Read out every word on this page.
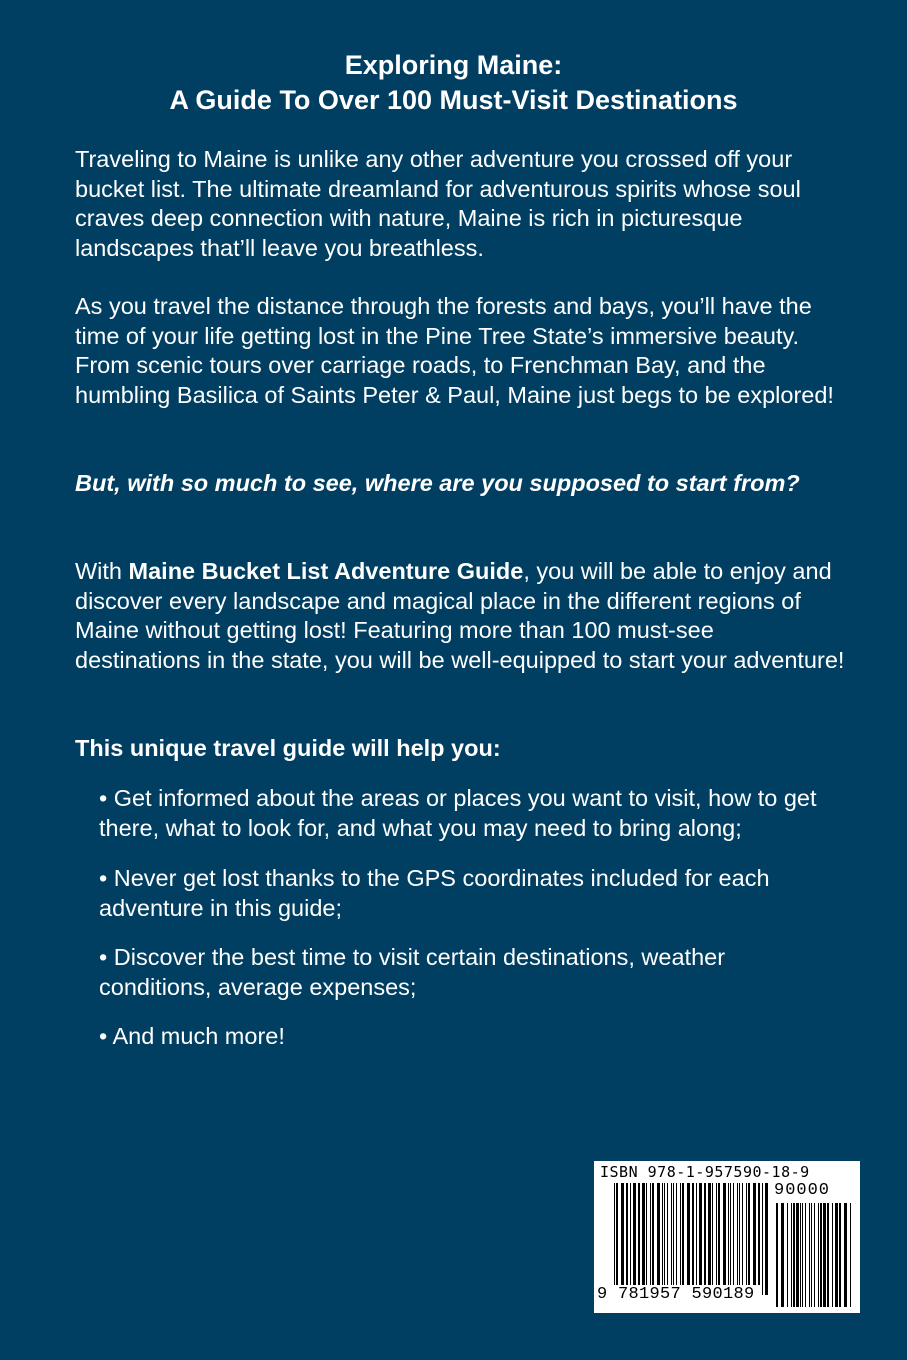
Exploring Maine:
A Guide To Over 100 Must-Visit Destinations
Traveling to Maine is unlike any other adventure you crossed off your bucket list. The ultimate dreamland for adventurous spirits whose soul craves deep connection with nature, Maine is rich in picturesque landscapes that’ll leave you breathless.
As you travel the distance through the forests and bays, you’ll have the time of your life getting lost in the Pine Tree State’s immersive beauty. From scenic tours over carriage roads, to Frenchman Bay, and the humbling Basilica of Saints Peter & Paul, Maine just begs to be explored!
But, with so much to see, where are you supposed to start from?
With Maine Bucket List Adventure Guide, you will be able to enjoy and discover every landscape and magical place in the different regions of Maine without getting lost! Featuring more than 100 must-see destinations in the state, you will be well-equipped to start your adventure!
This unique travel guide will help you:
• Get informed about the areas or places you want to visit, how to get there, what to look for, and what you may need to bring along;
• Never get lost thanks to the GPS coordinates included for each adventure in this guide;
• Discover the best time to visit certain destinations, weather conditions, average expenses;
• And much more!
ISBN 978-1-957590-18-9
90000
9 781957 590189
